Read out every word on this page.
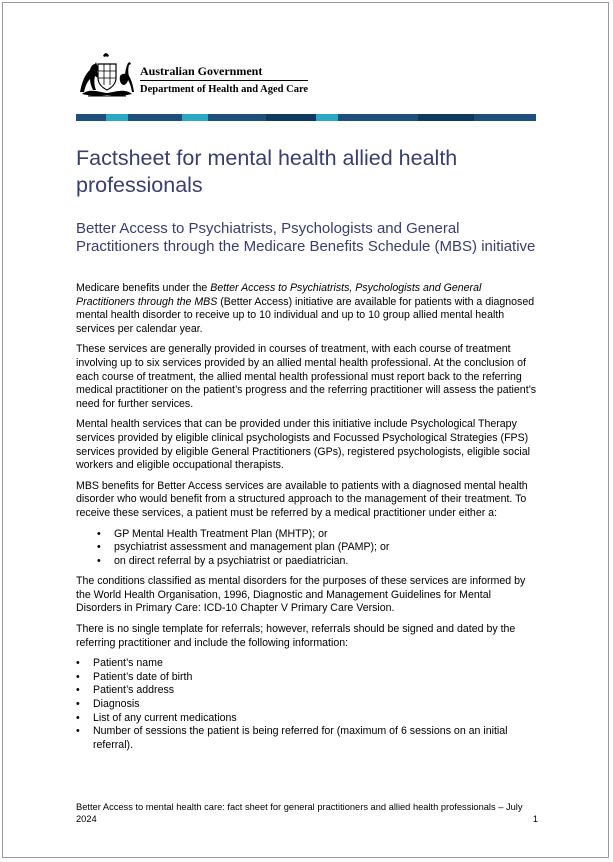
Australian Government
Department of Health and Aged Care
Factsheet for mental health allied health professionals
Better Access to Psychiatrists, Psychologists and General Practitioners through the Medicare Benefits Schedule (MBS) initiative

Medicare benefits under the Better Access to Psychiatrists, Psychologists and General Practitioners through the MBS (Better Access) initiative are available for patients with a diagnosed mental health disorder to receive up to 10 individual and up to 10 group allied mental health services per calendar year.

These services are generally provided in courses of treatment, with each course of treatment involving up to six services provided by an allied mental health professional. At the conclusion of each course of treatment, the allied mental health professional must report back to the referring medical practitioner on the patient’s progress and the referring practitioner will assess the patient’s need for further services.

Mental health services that can be provided under this initiative include Psychological Therapy services provided by eligible clinical psychologists and Focussed Psychological Strategies (FPS) services provided by eligible General Practitioners (GPs), registered psychologists, eligible social workers and eligible occupational therapists.

MBS benefits for Better Access services are available to patients with a diagnosed mental health disorder who would benefit from a structured approach to the management of their treatment. To receive these services, a patient must be referred by a medical practitioner under either a:

• GP Mental Health Treatment Plan (MHTP); or
• psychiatrist assessment and management plan (PAMP); or
• on direct referral by a psychiatrist or paediatrician.

The conditions classified as mental disorders for the purposes of these services are informed by the World Health Organisation, 1996, Diagnostic and Management Guidelines for Mental Disorders in Primary Care: ICD-10 Chapter V Primary Care Version.

There is no single template for referrals; however, referrals should be signed and dated by the referring practitioner and include the following information:

• Patient’s name
• Patient’s date of birth
• Patient’s address
• Diagnosis
• List of any current medications
• Number of sessions the patient is being referred for (maximum of 6 sessions on an initial referral).
Better Access to mental health care: fact sheet for general practitioners and allied health professionals – July 2024	1
